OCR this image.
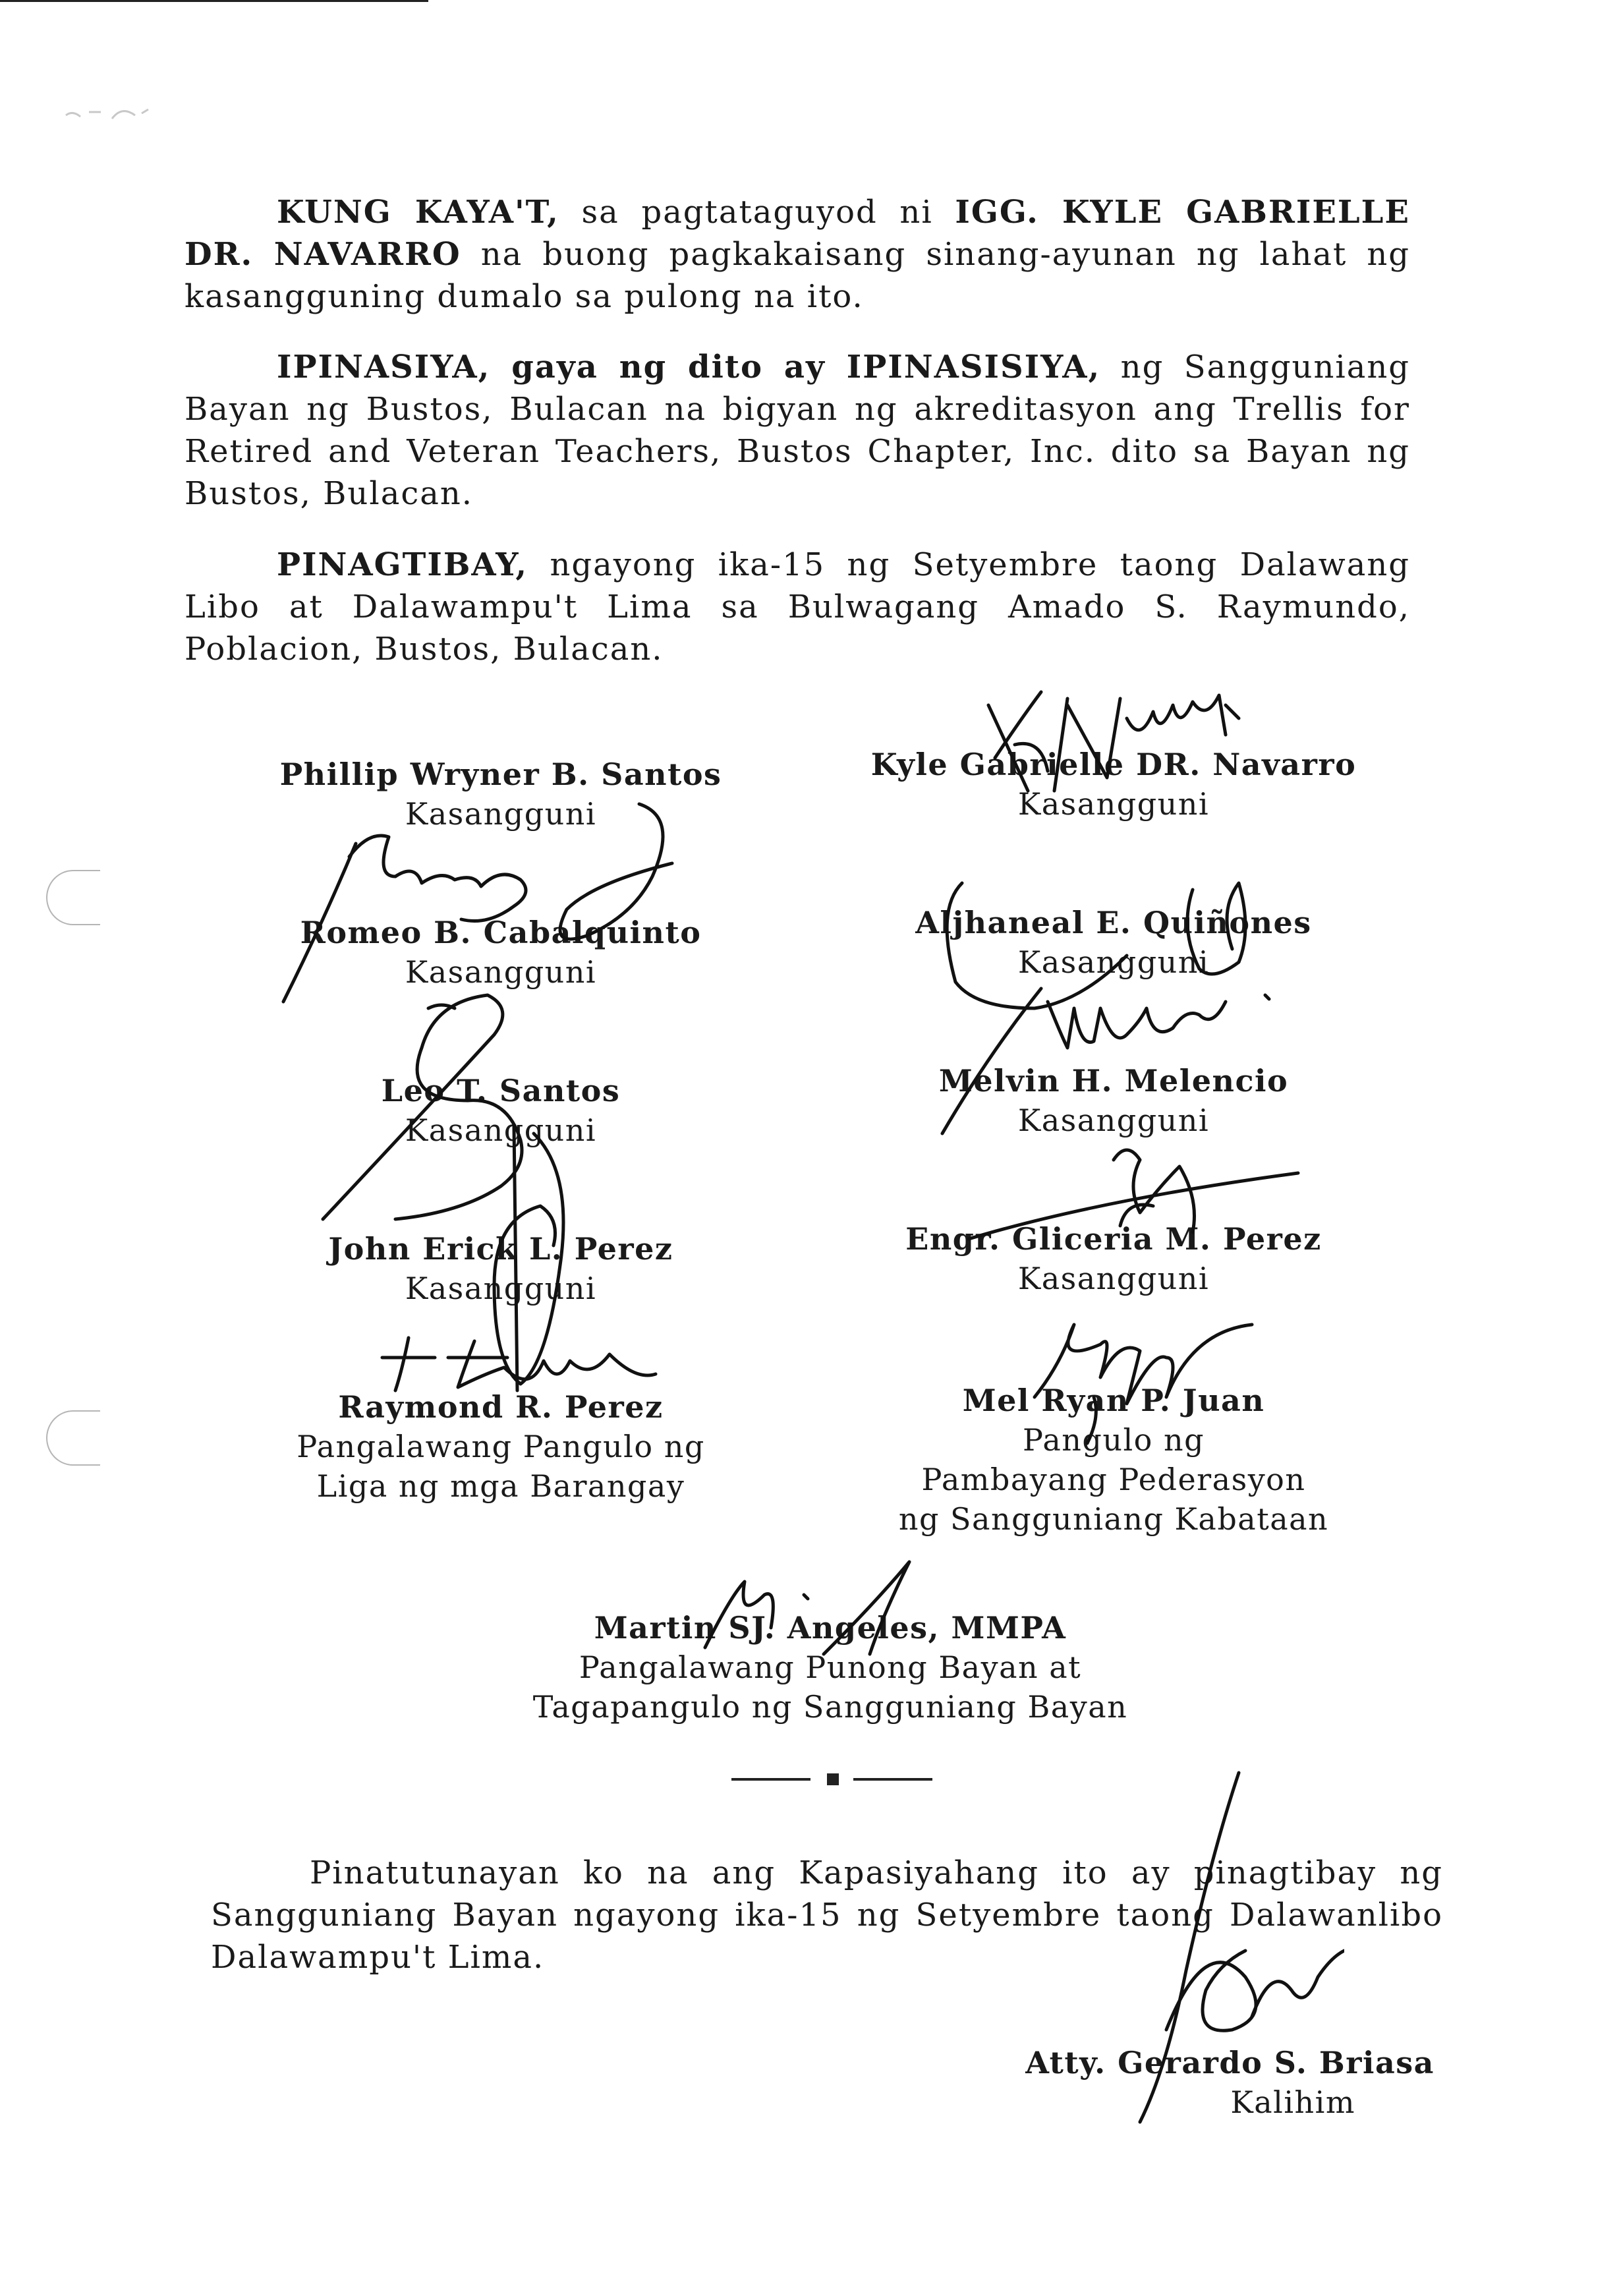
KUNG KAYA'T, sa pagtataguyod ni IGG. KYLE GABRIELLE DR. NAVARRO na buong pagkakaisang sinang-ayunan ng lahat ng kasangguning dumalo sa pulong na ito.

IPINASIYA, gaya ng dito ay IPINASISIYA, ng Sangguniang Bayan ng Bustos, Bulacan na bigyan ng akreditasyon ang Trellis for Retired and Veteran Teachers, Bustos Chapter, Inc. dito sa Bayan ng Bustos, Bulacan.

PINAGTIBAY, ngayong ika-15 ng Setyembre taong Dalawang Libo at Dalawampu't Lima sa Bulwagang Amado S. Raymundo, Poblacion, Bustos, Bulacan.

Phillip Wryner B. Santos
Kasangguni
Romeo B. Cabalquinto
Kasangguni
Leo T. Santos
Kasangguni
John Erick L. Perez
Kasangguni
Raymond R. Perez
Pangalawang Pangulo ng
Liga ng mga Barangay
Kyle Gabrielle DR. Navarro
Kasangguni
Aljhaneal E. Quiñones
Kasangguni
Melvin H. Melencio
Kasangguni
Engr. Gliceria M. Perez
Kasangguni
Mel Ryan P. Juan
Pangulo ng
Pambayang Pederasyon
ng Sangguniang Kabataan
Martin SJ. Angeles, MMPA
Pangalawang Punong Bayan at
Tagapangulo ng Sangguniang Bayan

Pinatutunayan ko na ang Kapasiyahang ito ay pinagtibay ng Sangguniang Bayan ngayong ika-15 ng Setyembre taong Dalawanlibo Dalawampu't Lima.

Atty. Gerardo S. Briasa
Kalihim
